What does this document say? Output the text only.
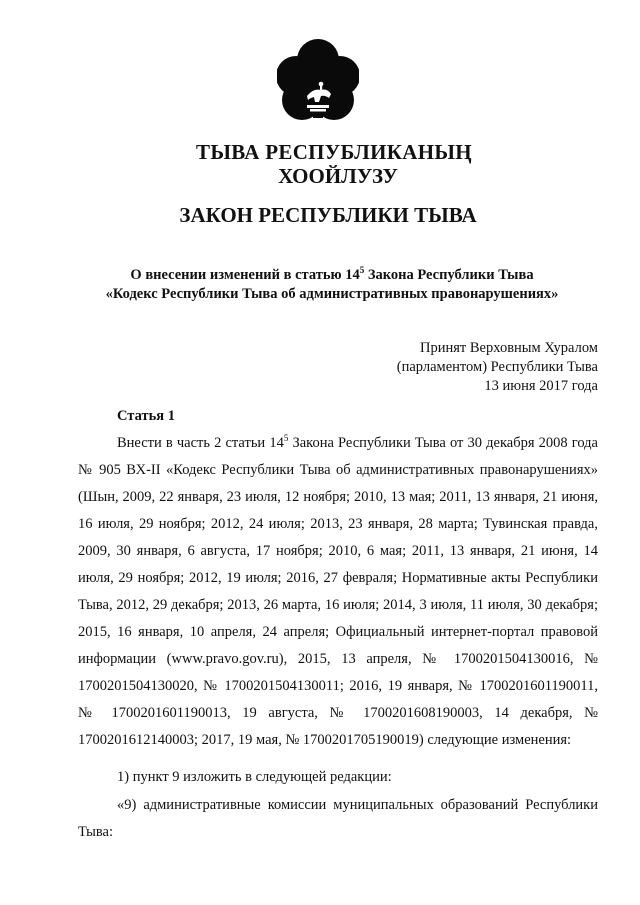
ТЫВА РЕСПУБЛИКАНЫҢ
ХООЙЛУЗУ
ЗАКОН РЕСПУБЛИКИ ТЫВА
О внесении изменений в статью $14^5$ Закона Республики Тыва
«Кодекс Республики Тыва об административных правонарушениях»
Принят Верховным Хуралом
(парламентом) Республики Тыва
13 июня 2017 года
Статья 1
Внести в часть 2 статьи $14^5$ Закона Республики Тыва от 30 декабря 2008 года № 905 ВХ-II «Кодекс Республики Тыва об административных правонарушениях» (Шын, 2009, 22 января, 23 июля, 12 ноября; 2010, 13 мая; 2011, 13 января, 21 июня, 16 июля, 29 ноября; 2012, 24 июля; 2013, 23 января, 28 марта; Тувинская правда, 2009, 30 января, 6 августа, 17 ноября; 2010, 6 мая; 2011, 13 января, 21 июня, 14 июля, 29 ноября; 2012, 19 июля; 2016, 27 февраля; Нормативные акты Республики Тыва, 2012, 29 декабря; 2013, 26 марта, 16 июля; 2014, 3 июля, 11 июля, 30 декабря; 2015, 16 января, 10 апреля, 24 апреля; Официальный интернет-портал правовой информации (www.pravo.gov.ru), 2015, 13 апреля, № 1700201504130016, № 1700201504130020, № 1700201504130011; 2016, 19 января, № 1700201601190011, № 1700201601190013, 19 августа, № 1700201608190003, 14 декабря, № 1700201612140003; 2017, 19 мая, № 1700201705190019) следующие изменения:
1) пункт 9 изложить в следующей редакции:
«9) административные комиссии муниципальных образований Республики Тыва:
